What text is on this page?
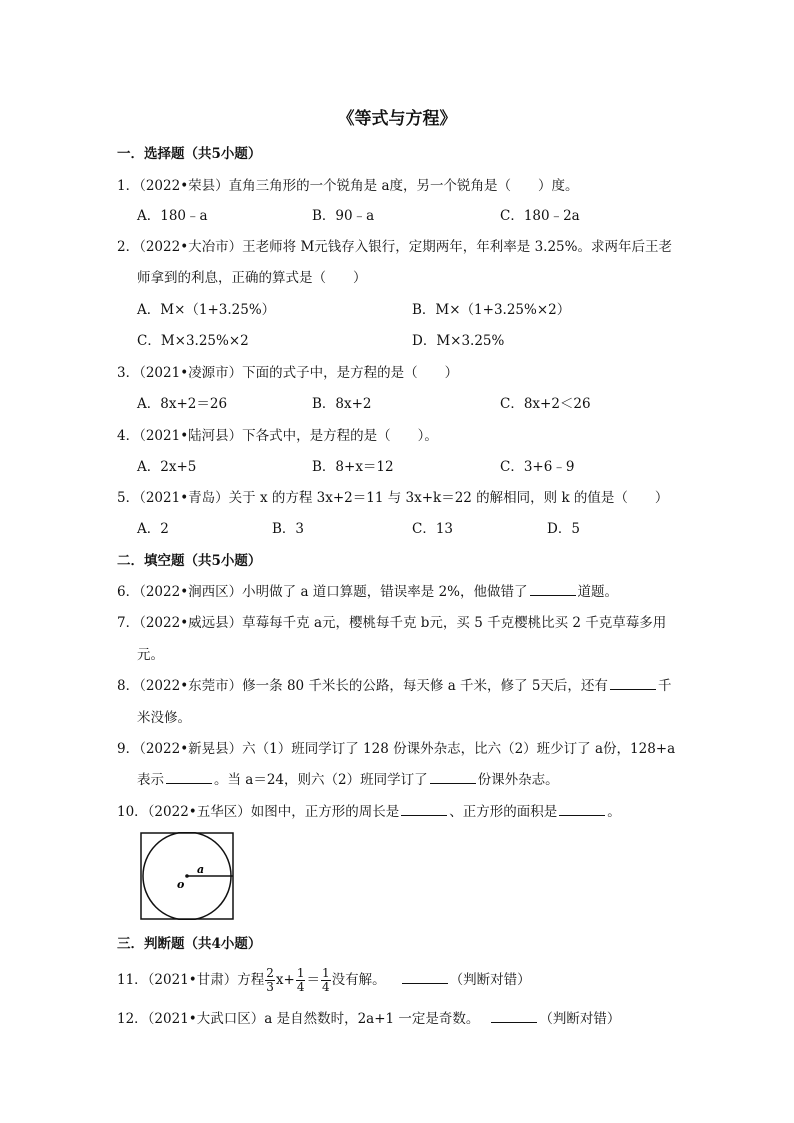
《等式与方程》
一．选择题（共5小题）
1．（2022•荣县）直角三角形的一个锐角是 a度，另一个锐角是（　　）度。
A．180﹣a	B．90﹣a	C．180﹣2a
2．（2022•大冶市）王老师将 M元钱存入银行，定期两年，年利率是 3.25%。求两年后王老
师拿到的利息，正确的算式是（　　）
A．M×（1+3.25%）	B．M×（1+3.25%×2）
C．M×3.25%×2	D．M×3.25%
3．（2021•凌源市）下面的式子中，是方程的是（　　）
A．8x+2＝26	B．8x+2	C．8x+2＜26
4．（2021•陆河县）下各式中，是方程的是（　　）。
A．2x+5	B．8+x＝12	C．3+6﹣9
5．（2021•青岛）关于 x 的方程 3x+2＝11 与 3x+k＝22 的解相同，则 k 的值是（　　）
A．2	B．3	C．13	D．5
二．填空题（共5小题）
6．（2022•涧西区）小明做了 a 道口算题，错误率是 2%，他做错了	道题。
7．（2022•威远县）草莓每千克 a元，樱桃每千克 b元，买 5 千克樱桃比买 2 千克草莓多用
元。
8．（2022•东莞市）修一条 80 千米长的公路，每天修 a 千米，修了 5天后，还有	千
米没修。
9．（2022•新晃县）六（1）班同学订了 128 份课外杂志，比六（2）班少订了 a份，128+a
表示	。当 a＝24，则六（2）班同学订了	份课外杂志。
10．（2022•五华区）如图中，正方形的周长是	、正方形的面积是	。
a
o
三．判断题（共4小题）
11．（2021•甘肃）方程 $\frac{2}{3} x+ \frac{1}{4} = \frac{1}{4}$ 没有解。	（判断对错）
12．（2021•大武口区）a 是自然数时，2a+1 一定是奇数。	（判断对错）
